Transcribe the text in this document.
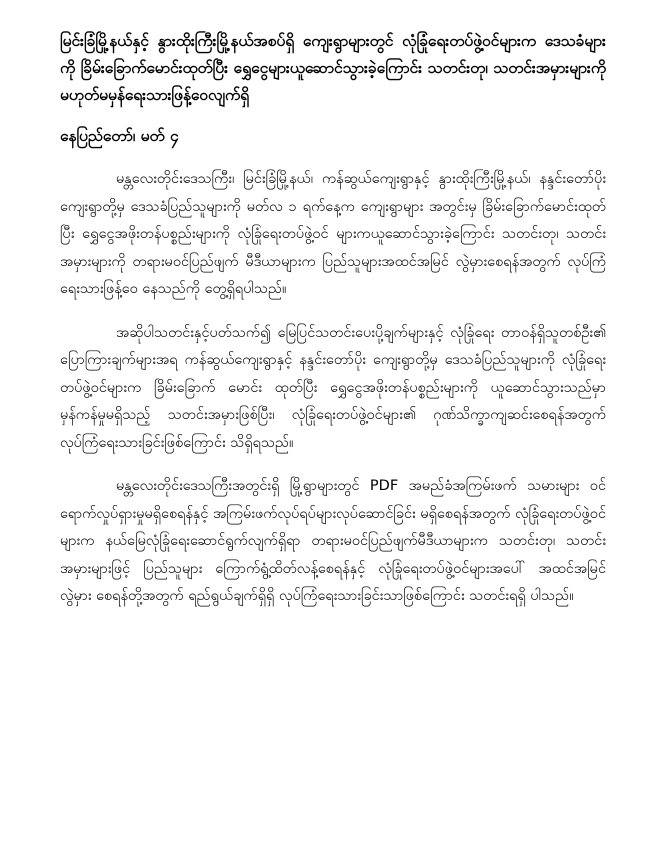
မြင်းခြံမြို့နယ်နှင့် နွားထိုးကြီးမြို့နယ်အစပ်ရှိ ကျေးရွာများတွင် လုံခြုံရေးတပ်ဖွဲ့ဝင်များက ဒေသခံများကို ခြိမ်းခြောက်မောင်းထုတ်ပြီး ရွှေငွေများယူဆောင်သွားခဲ့ကြောင်း သတင်းတု၊ သတင်းအမှားများကို မဟုတ်မမှန်ရေးသားဖြန့်ဝေလျက်ရှိ

နေပြည်တော်၊ မတ် ၄

မန္တလေးတိုင်းဒေသကြီး၊ မြင်းခြံမြို့နယ်၊ ကန်ဆွယ်ကျေးရွာနှင့် နွားထိုးကြီးမြို့နယ်၊ နန္ဒင်းတော်ပိုးကျေးရွာတို့မှ ဒေသခံပြည်သူများကို မတ်လ ၁ ရက်နေ့က ကျေးရွာများ အတွင်းမှ ခြိမ်းခြောက်မောင်းထုတ်ပြီး ရွှေငွေအဖိုးတန်ပစ္စည်းများကို လုံခြုံရေးတပ်ဖွဲ့ဝင် များကယူဆောင်သွားခဲ့ကြောင်း သတင်းတု၊ သတင်းအမှားများကို တရားမဝင်ပြည်ဖျက် မီဒီယာများက ပြည်သူများအထင်အမြင် လွဲမှားစေရန်အတွက် လုပ်ကြံရေးသားဖြန့်ဝေ နေသည်ကို တွေ့ရှိရပါသည်။

အဆိုပါသတင်းနှင့်ပတ်သက်၍ မြေပြင်သတင်းပေးပို့ချက်များနှင့် လုံခြုံရေး တာဝန်ရှိသူတစ်ဦး၏ ပြောကြားချက်များအရ ကန်ဆွယ်ကျေးရွာနှင့် နန္ဒင်းတော်ပိုး ကျေးရွာတို့မှ ဒေသခံပြည်သူများကို လုံခြုံရေးတပ်ဖွဲ့ဝင်များက ခြိမ်းခြောက် မောင်း ထုတ်ပြီး ရွှေငွေအဖိုးတန်ပစ္စည်းများကို ယူဆောင်သွားသည်မှာ မှန်ကန်မှုမရှိသည့် သတင်းအမှားဖြစ်ပြီး၊ လုံခြုံရေးတပ်ဖွဲ့ဝင်များ၏ ဂုဏ်သိက္ခာကျဆင်းစေရန်အတွက် လုပ်ကြံရေးသားခြင်းဖြစ်ကြောင်း သိရှိရသည်။

မန္တလေးတိုင်းဒေသကြီးအတွင်းရှိ မြို့ရွာများတွင် PDF အမည်ခံအကြမ်းဖက် သမားများ ဝင်ရောက်လှုပ်ရှားမှုမရှိစေရန်နှင့် အကြမ်းဖက်လုပ်ရပ်များလုပ်ဆောင်ခြင်း မရှိစေရန်အတွက် လုံခြုံရေးတပ်ဖွဲ့ဝင်များက နယ်မြေလုံခြုံရေးဆောင်ရွက်လျက်ရှိရာ တရားမဝင်ပြည်ဖျက်မီဒီယာများက သတင်းတု၊ သတင်းအမှားများဖြင့် ပြည်သူများ ကြောက်ရွံ့ထိတ်လန့်စေရန်နှင့် လုံခြုံရေးတပ်ဖွဲ့ဝင်များအပေါ် အထင်အမြင် လွဲမှား စေရန်တို့အတွက် ရည်ရွယ်ချက်ရှိရှိ လုပ်ကြံရေးသားခြင်းသာဖြစ်ကြောင်း သတင်းရရှိ ပါသည်။
